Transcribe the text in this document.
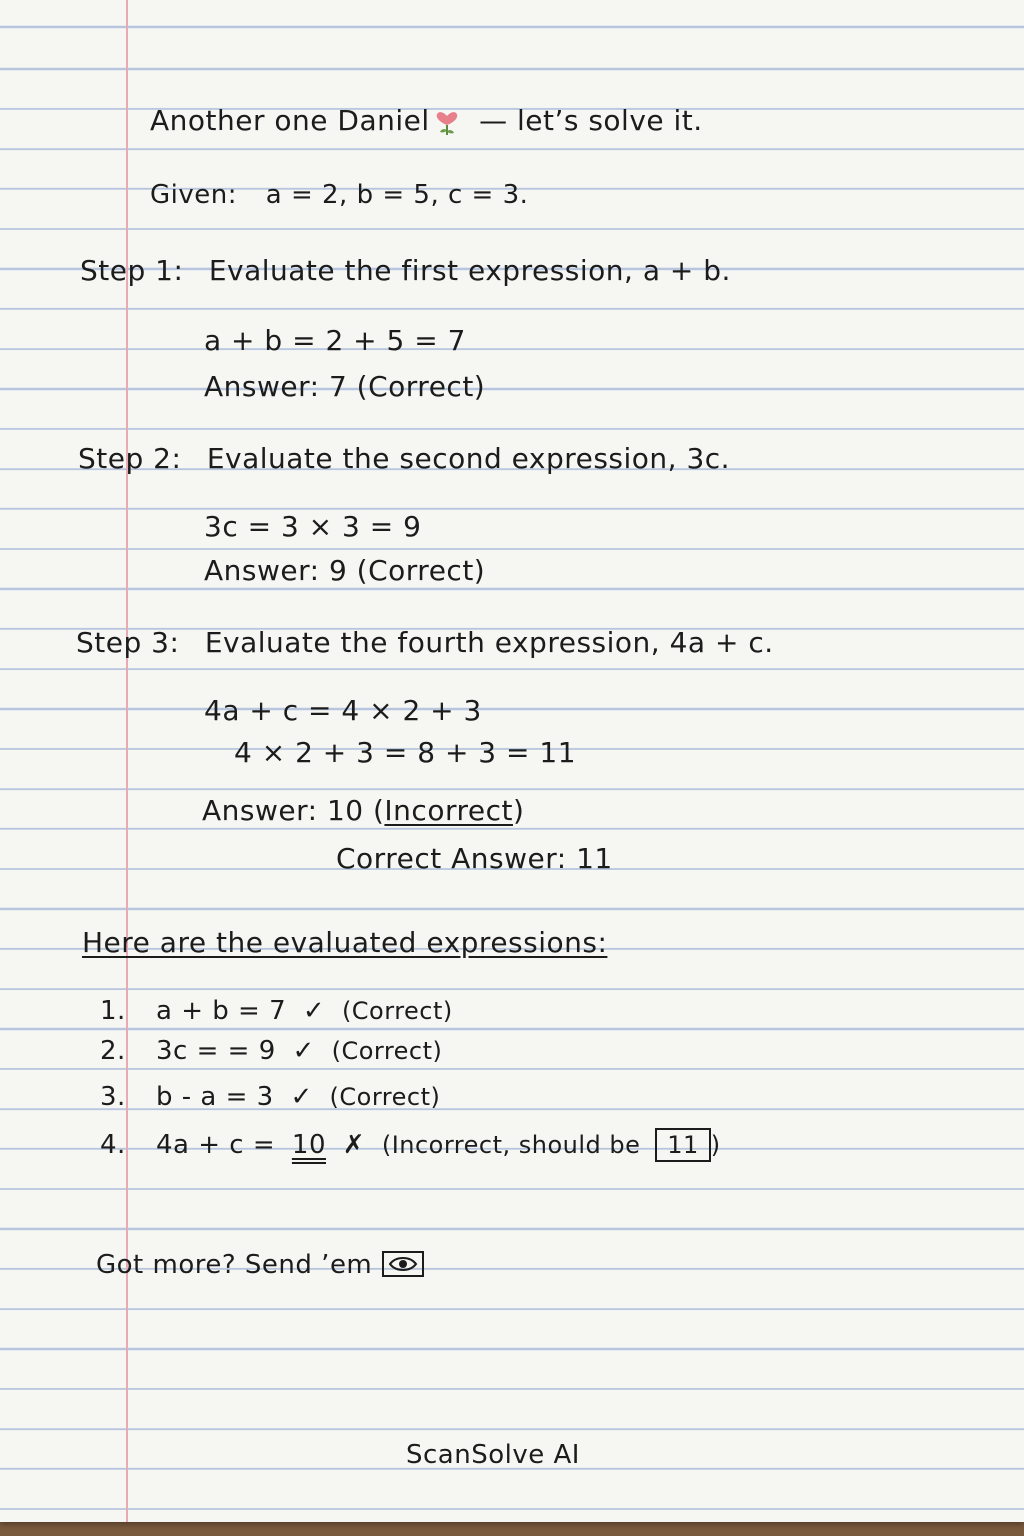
Another one Daniel — let’s solve it.
Given: a = 2, b = 5, c = 3.
Step 1: Evaluate the first expression, a + b.
a + b = 2 + 5 = 7
Answer: 7 (Correct)
Step 2: Evaluate the second expression, 3c.
3c = 3 × 3 = 9
Answer: 9 (Correct)
Step 3: Evaluate the fourth expression, 4a + c.
4a + c = 4 × 2 + 3
4 × 2 + 3 = 8 + 3 = 11
Answer: 10 (Incorrect)
Correct Answer: 11
Here are the evaluated expressions:
1. a + b = 7 ✓ (Correct)
2. 3c = = 9 ✓ (Correct)
3. b - a = 3 ✓ (Correct)
4. 4a + c = 10 ✗ (Incorrect, should be 11 )
Got more? Send ’em
ScanSolve AI
